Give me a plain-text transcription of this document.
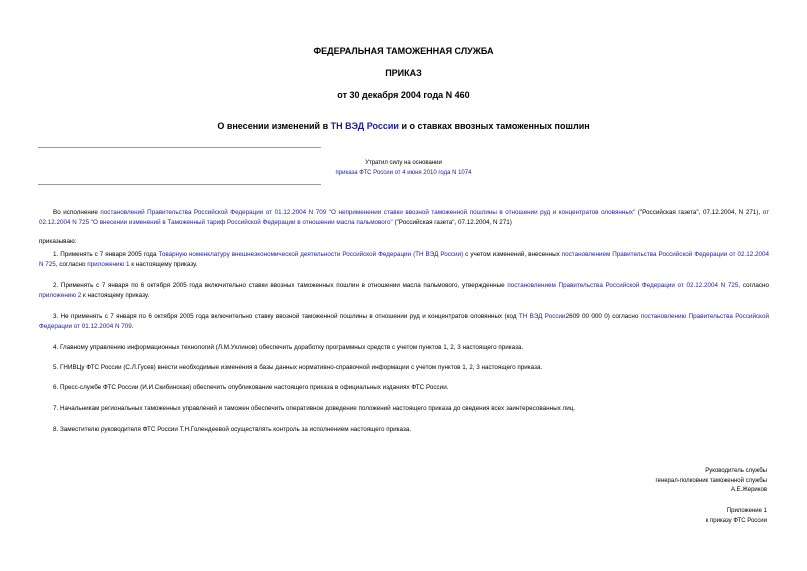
ФЕДЕРАЛЬНАЯ ТАМОЖЕННАЯ СЛУЖБА
ПРИКАЗ
от 30 декабря 2004 года N 460
О внесении изменений в ТН ВЭД России и о ставках ввозных таможенных пошлин
Утратил силу на основании
приказа ФТС России от 4 июня 2010 года N 1074
Во исполнение постановлений Правительства Российской Федерации от 01.12.2004 N 709 "О неприменении ставки ввозной таможенной пошлины в отношении руд и концентратов оловянных" ("Российская газета", 07.12.2004, N 271), от 02.12.2004 N 725 "О внесении изменений в Таможенный тариф Российской Федерации в отношении масла пальмового" ("Российская газета", 07.12.2004, N 271)
приказываю:
1. Применять с 7 января 2005 года Товарную номенклатуру внешнеэкономической деятельности Российской Федерации (ТН ВЭД России) с учетом изменений, внесенных постановлением Правительства Российской Федерации от 02.12.2004 N 725, согласно приложению 1 к настоящему приказу.
2. Применять с 7 января по 6 октября 2005 года включительно ставки ввозных таможенных пошлин в отношении масла пальмового, утвержденные постановлением Правительства Российской Федерации от 02.12.2004 N 725, согласно приложению 2 к настоящему приказу.
3. Не применять с 7 января по 6 октября 2005 года включительно ставку ввозной таможенной пошлины в отношении руд и концентратов оловянных (код ТН ВЭД России2609 00 000 0) согласно постановлению Правительства Российской Федерации от 01.12.2004 N 709.
4. Главному управлению информационных технологий (Л.М.Ухлинов) обеспечить доработку программных средств с учетом пунктов 1, 2, 3 настоящего приказа.
5. ГНИВЦу ФТС России (С.Л.Гусев) внести необходимые изменения в базы данных нормативно-справочной информации с учетом пунктов 1, 2, 3 настоящего приказа.
6. Пресс-службе ФТС России (И.И.Скибинская) обеспечить опубликование настоящего приказа в официальных изданиях ФТС России.
7. Начальникам региональных таможенных управлений и таможен обеспечить оперативное доведение положений настоящего приказа до сведения всех заинтересованных лиц.
8. Заместителю руководителя ФТС России Т.Н.Голендеевой осуществлять контроль за исполнением настоящего приказа.
Руководитель службы
генерал-полковник таможенной службы
А.Е.Жериков
Приложение 1
к приказу ФТС России
